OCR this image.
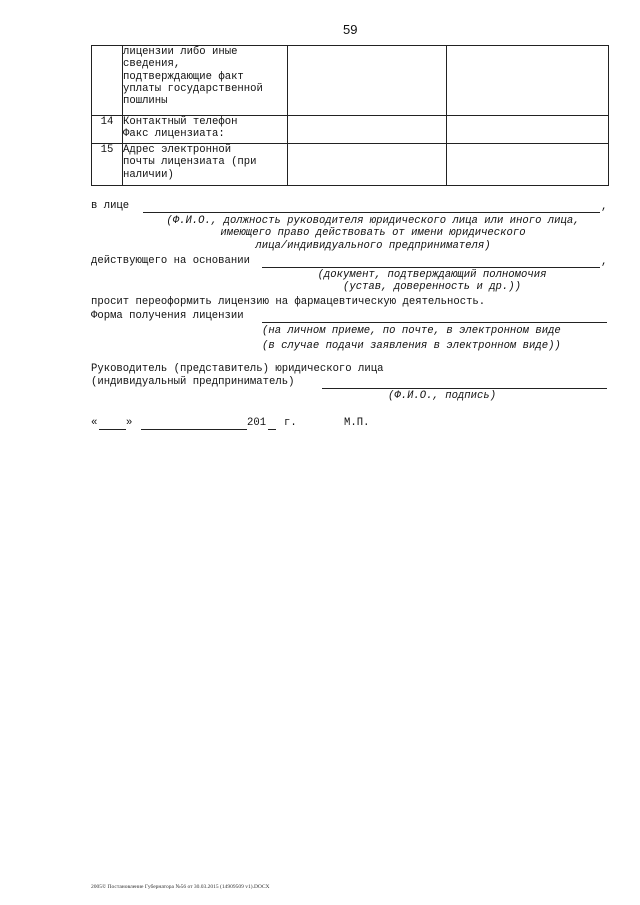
59

	лицензии либо иные
сведения,
подтверждающие факт
уплаты государственной
пошлины		

14	Контактный телефон
Факс лицензиата:		

15	Адрес электронной
почты лицензиата (при
наличии)		

в лице	,
(Ф.И.О., должность руководителя юридического лица или иного лица,
имеющего право действовать от имени юридического
лица/индивидуального предпринимателя)
действующего на основании	,
(документ, подтверждающий полномочия
(устав, доверенность и др.))
просит переоформить лицензию на фармацевтическую деятельность.
Форма получения лицензии
(на личном приеме, по почте, в электронном виде
(в случае подачи заявления в электронном виде))
Руководитель (представитель) юридического лица
(индивидуальный предприниматель)
(Ф.И.О., подпись)
«	»	201 г.	М.П.
2005© Постановление Губернатора №56 от 30.03.2015 (14909509 v1).DOCX
